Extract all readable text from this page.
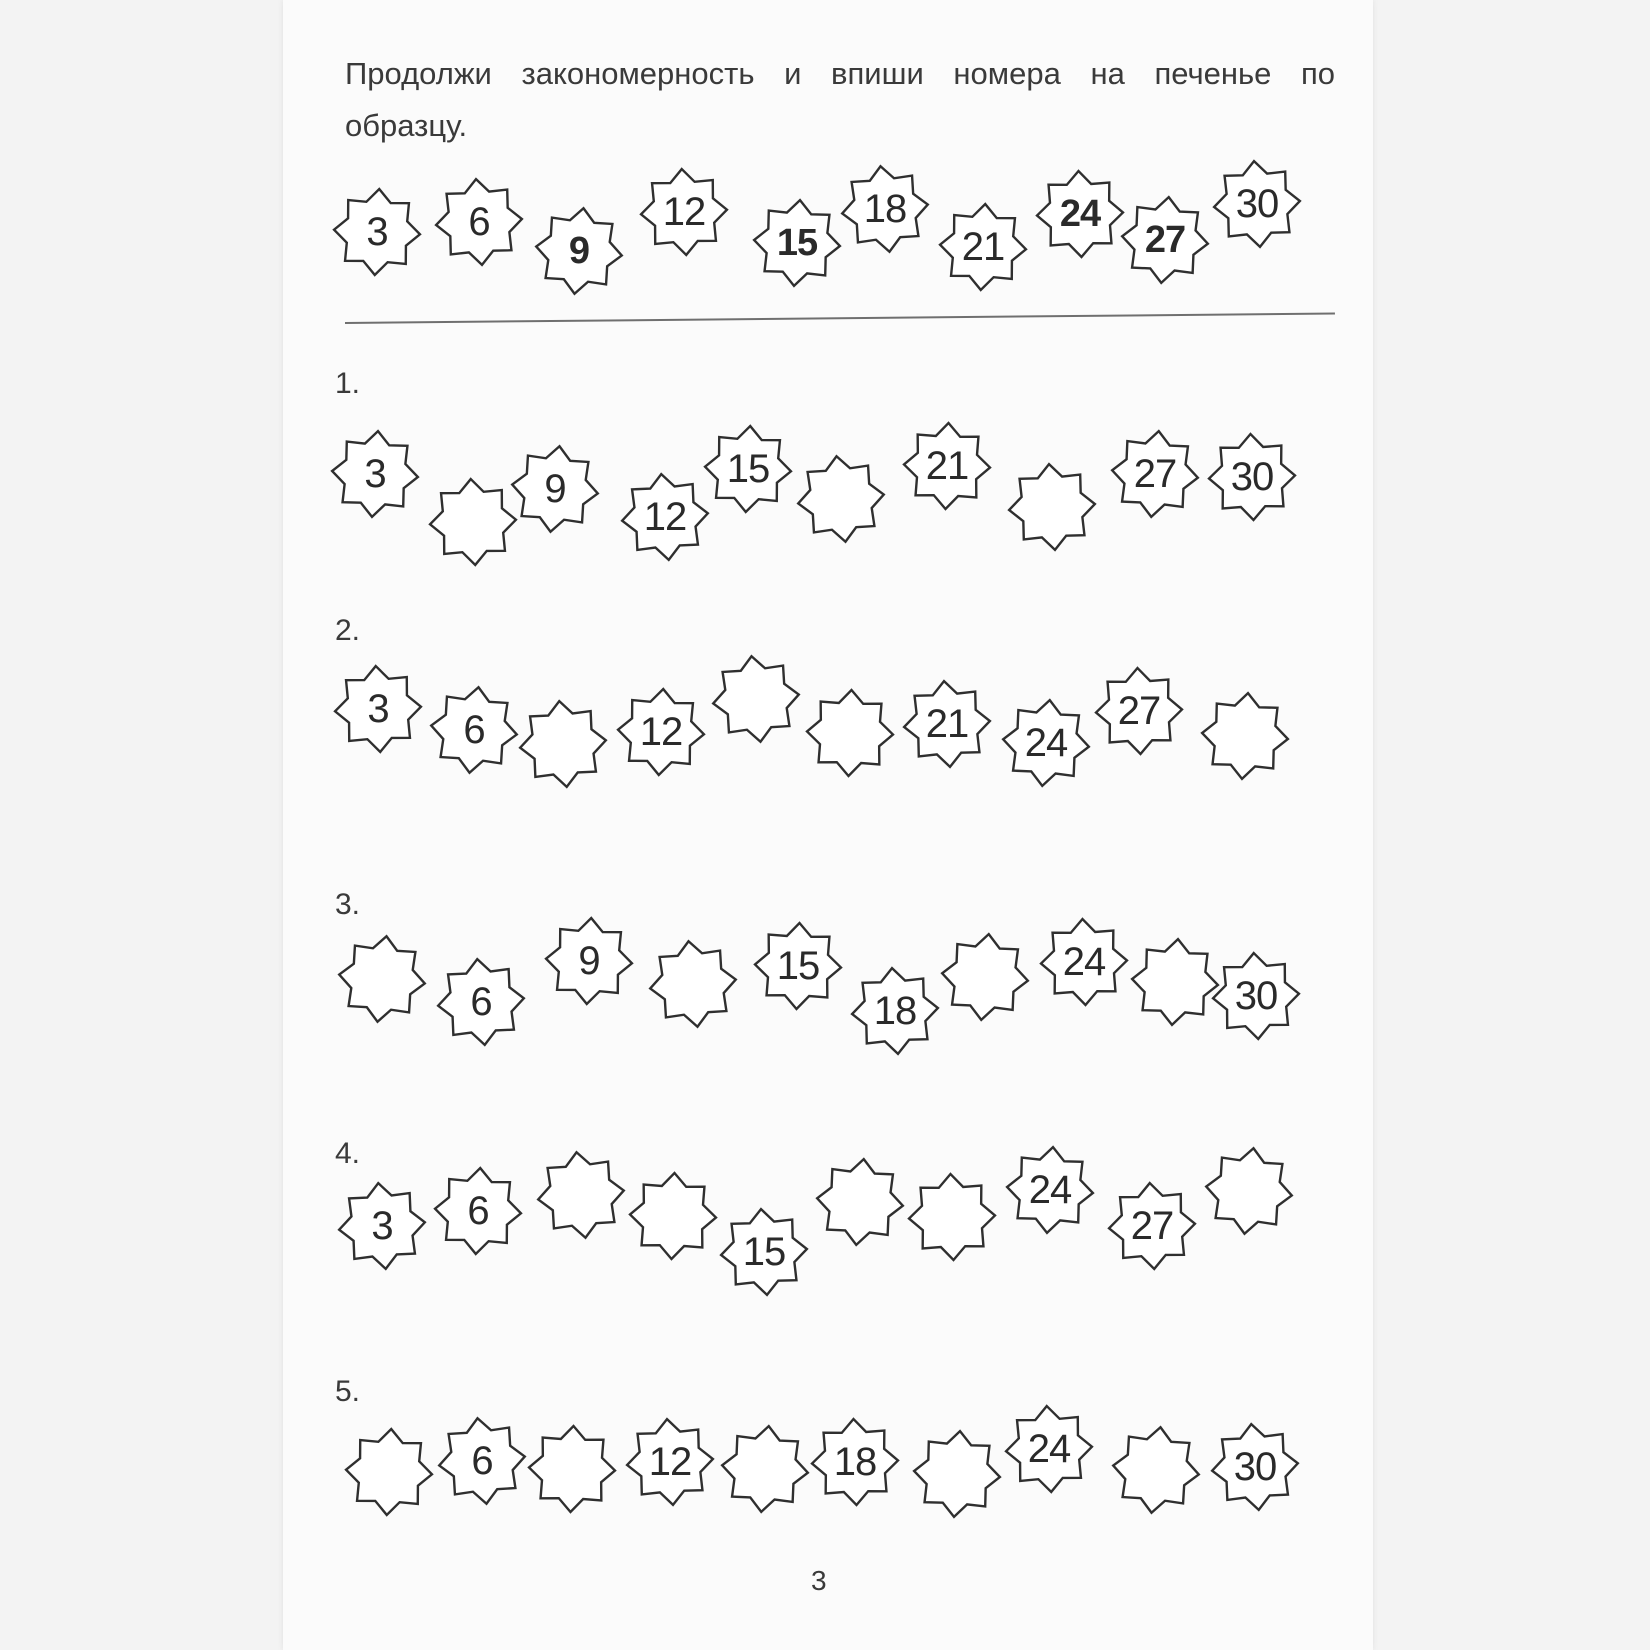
Продолжи закономерность и впиши номера на печенье по
образцу.
3	6
9
12
15
18
21
24
27
30
1.
2.
3.
4.
5.
3	9
12
15	21	27	30
3	6	12	21	24
27
6
9	15
18
24
30
3	6
15
24
27
6	12	18	24	30
3
